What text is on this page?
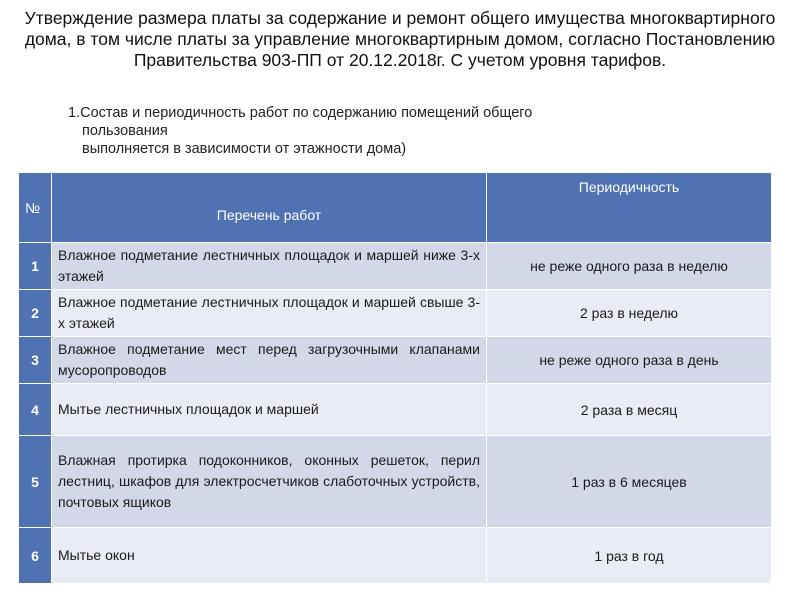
Утверждение размера платы за содержание и ремонт общего имущества многоквартирного дома, в том числе платы за управление многоквартирным домом, согласно Постановлению Правительства 903-ПП от 20.12.2018г. С учетом уровня тарифов.
1.Состав и периодичность работ по содержанию помещений общего
пользования
выполняется в зависимости от этажности дома)
№	Перечень работ	Периодичность
1	Влажное подметание лестничных площадок и маршей ниже 3-х этажей	не реже одного раза в неделю
2	Влажное подметание лестничных площадок и маршей свыше 3-х этажей	2 раз в неделю
3	Влажное подметание мест перед загрузочными клапанами мусоропроводов	не реже одного раза в день
4	Мытье лестничных площадок и маршей	2 раза в месяц
5	Влажная протирка подоконников, оконных решеток, перил лестниц, шкафов для электросчетчиков слаботочных устройств, почтовых ящиков	1 раз в 6 месяцев
6	Мытье окон	1 раз в год
